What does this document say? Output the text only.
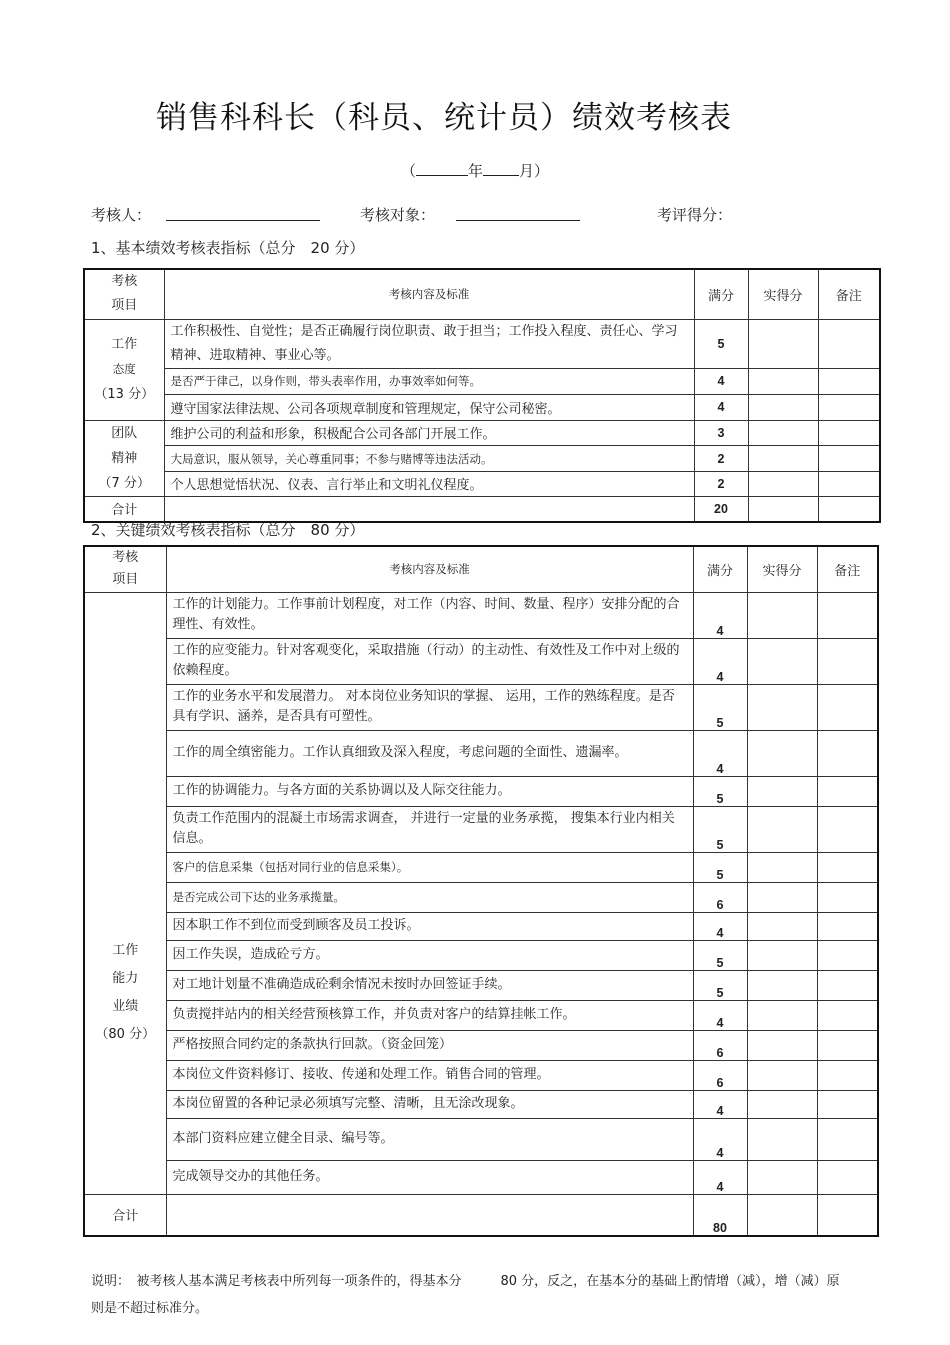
销售科科长（科员、统计员）绩效考核表
（	年 月）
考核人：	考核对象：	考评得分：
1、基本绩效考核表指标（总分　20 分）
考核
项目	考核内容及标准	满分	实得分	备注
工作
态度
（13 分）	工作积极性、自觉性；是否正确履行岗位职责、敢于担当；工作投入程度、责任心、学习精神、进取精神、事业心等。	5		
	是否严于律己，以身作则，带头表率作用，办事效率如何等。	4		
	遵守国家法律法规、公司各项规章制度和管理规定，保守公司秘密。	4		
团队
精神
（7 分）	维护公司的利益和形象，积极配合公司各部门开展工作。	3		
	大局意识，服从领导，关心尊重同事；不参与赌博等违法活动。	2		
	个人思想觉悟状况、仪表、言行举止和文明礼仪程度。	2		
合计		20		
2、关键绩效考核表指标（总分　80 分）
考核
项目	考核内容及标准	满分	实得分	备注

工作
能力
业绩
（80 分）	工作的计划能力。工作事前计划程度，对工作（内容、时间、数量、程序）安排分配的合理性、有效性。	4		
	工作的应变能力。针对客观变化，采取措施（行动）的主动性、有效性及工作中对上级的依赖程度。	4		
	工作的业务水平和发展潜力。 对本岗位业务知识的掌握、 运用，工作的熟练程度。是否具有学识、涵养，是否具有可塑性。	5		
	工作的周全缜密能力。工作认真细致及深入程度，考虑问题的全面性、遗漏率。	4		
	工作的协调能力。与各方面的关系协调以及人际交往能力。	5		
	负责工作范围内的混凝土市场需求调查， 并进行一定量的业务承揽， 搜集本行业内相关信息。	5		
	客户的信息采集（包括对同行业的信息采集）。	5		
	是否完成公司下达的业务承揽量。	6		
	因本职工作不到位而受到顾客及员工投诉。	4		
	因工作失误，造成砼亏方。	5		
	对工地计划量不准确造成砼剩余情况未按时办回签证手续。	5		
	负责搅拌站内的相关经营预核算工作，并负责对客户的结算挂帐工作。	4		
	严格按照合同约定的条款执行回款。（资金回笼）	6		
	本岗位文件资料修订、接收、传递和处理工作。销售合同的管理。	6		
	本岗位留置的各种记录必须填写完整、清晰，且无涂改现象。	4		
	本部门资料应建立健全目录、编号等。	4		
	完成领导交办的其他任务。	4		
合计		80		
说明：　被考核人基本满足考核表中所列每一项条件的，得基本分　　　80 分，反之，在基本分的基础上酌情增（减），增（减）原则是不超过标准分。
